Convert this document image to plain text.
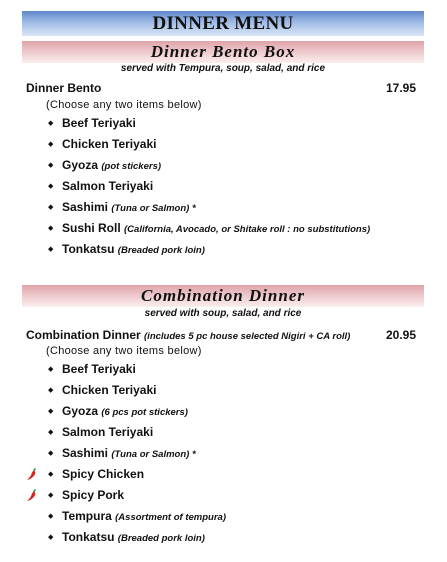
DINNER MENU
Dinner Bento Box
served with Tempura, soup, salad, and rice
Dinner Bento	17.95
(Choose any two items below)
◆ Beef Teriyaki
◆ Chicken Teriyaki
◆ Gyoza (pot stickers)
◆ Salmon Teriyaki
◆ Sashimi (Tuna or Salmon) *
◆ Sushi Roll (California, Avocado, or Shitake roll : no substitutions)
◆ Tonkatsu (Breaded pork loin)
Combination Dinner
served with soup, salad, and rice
Combination Dinner (includes 5 pc house selected Nigiri + CA roll)	20.95
(Choose any two items below)
◆ Beef Teriyaki
◆ Chicken Teriyaki
◆ Gyoza (6 pcs pot stickers)
◆ Salmon Teriyaki
◆ Sashimi (Tuna or Salmon) *
◆ Spicy Chicken
◆ Spicy Pork
◆ Tempura (Assortment of tempura)
◆ Tonkatsu (Breaded pork loin)
